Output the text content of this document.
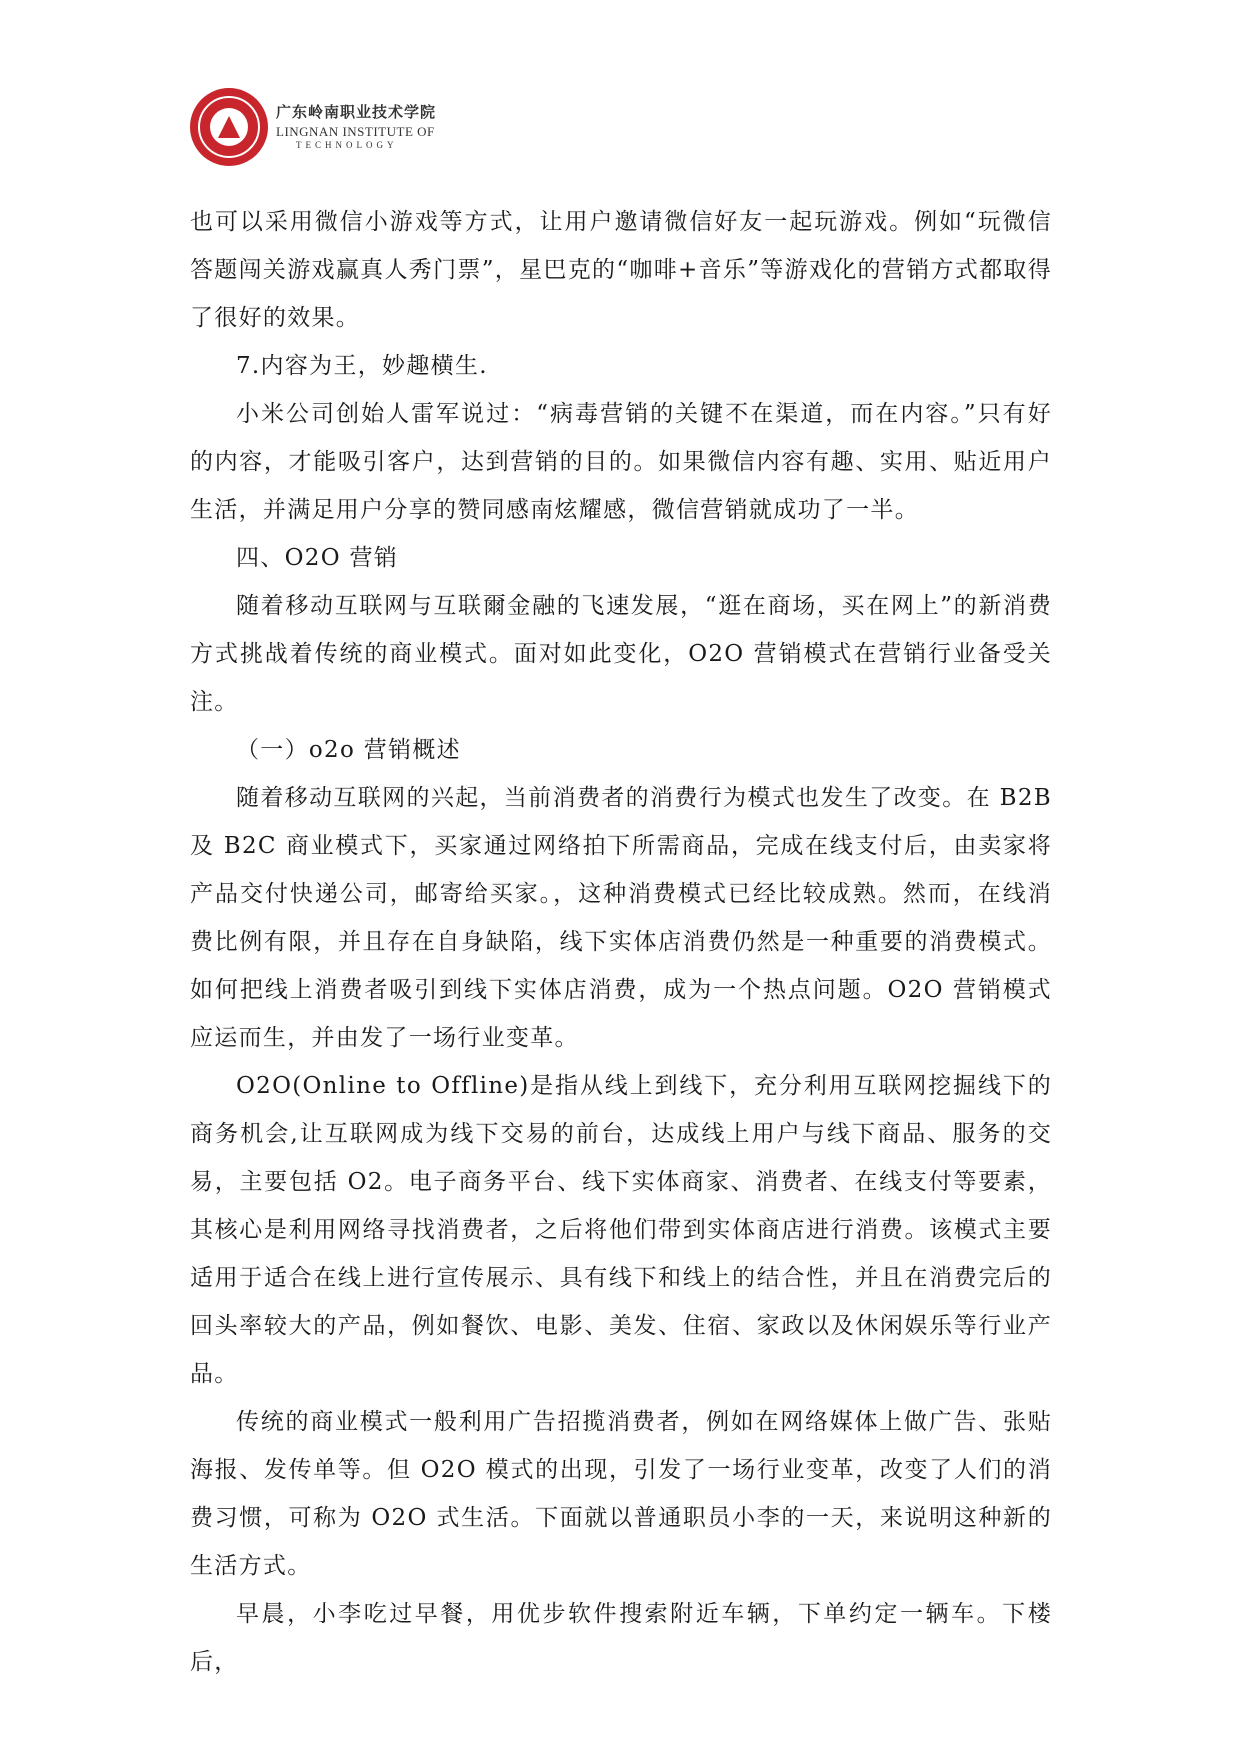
广东岭南职业技术学院
LINGNAN INSTITUTE OF
TECHNOLOGY

也可以采用微信小游戏等方式，让用户邀请微信好友一起玩游戏。例如“玩微信答题闯关游戏赢真人秀门票”，星巴克的“咖啡+音乐”等游戏化的营销方式都取得了很好的效果。

7.内容为王，妙趣横生.

小米公司创始人雷军说过：“病毒营销的关键不在渠道，而在内容。”只有好的内容，才能吸引客户，达到营销的目的。如果微信内容有趣、实用、贴近用户生活，并满足用户分享的赞同感南炫耀感，微信营销就成功了一半。

四、O2O 营销

随着移动互联网与互联爾金融的飞速发展，“逛在商场，买在网上”的新消费方式挑战着传统的商业模式。面对如此变化，O2O 营销模式在营销行业备受关注。

（一）o2o 营销概述

随着移动互联网的兴起，当前消费者的消费行为模式也发生了改变。在 B2B 及 B2C 商业模式下，买家通过网络拍下所需商品，完成在线支付后，由卖家将产品交付快递公司，邮寄给买家。，这种消费模式已经比较成熟。然而，在线消费比例有限，并且存在自身缺陷，线下实体店消费仍然是一种重要的消费模式。如何把线上消费者吸引到线下实体店消费，成为一个热点问题。O2O 营销模式应运而生，并由发了一场行业变革。

O2O(Online to Offline)是指从线上到线下，充分利用互联网挖掘线下的商务机会,让互联网成为线下交易的前台，达成线上用户与线下商品、服务的交易，主要包括 O2。电子商务平台、线下实体商家、消费者、在线支付等要素，其核心是利用网络寻找消费者，之后将他们带到实体商店进行消费。该模式主要适用于适合在线上进行宣传展示、具有线下和线上的结合性，并且在消费完后的回头率较大的产品，例如餐饮、电影、美发、住宿、家政以及休闲娱乐等行业产品。

传统的商业模式一般利用广告招揽消费者，例如在网络媒体上做广告、张贴海报、发传单等。但 O2O 模式的出现，引发了一场行业变革，改变了人们的消费习惯，可称为 O2O 式生活。下面就以普通职员小李的一天，来说明这种新的生活方式。

早晨，小李吃过早餐，用优步软件搜索附近车辆，下单约定一辆车。下楼后，
